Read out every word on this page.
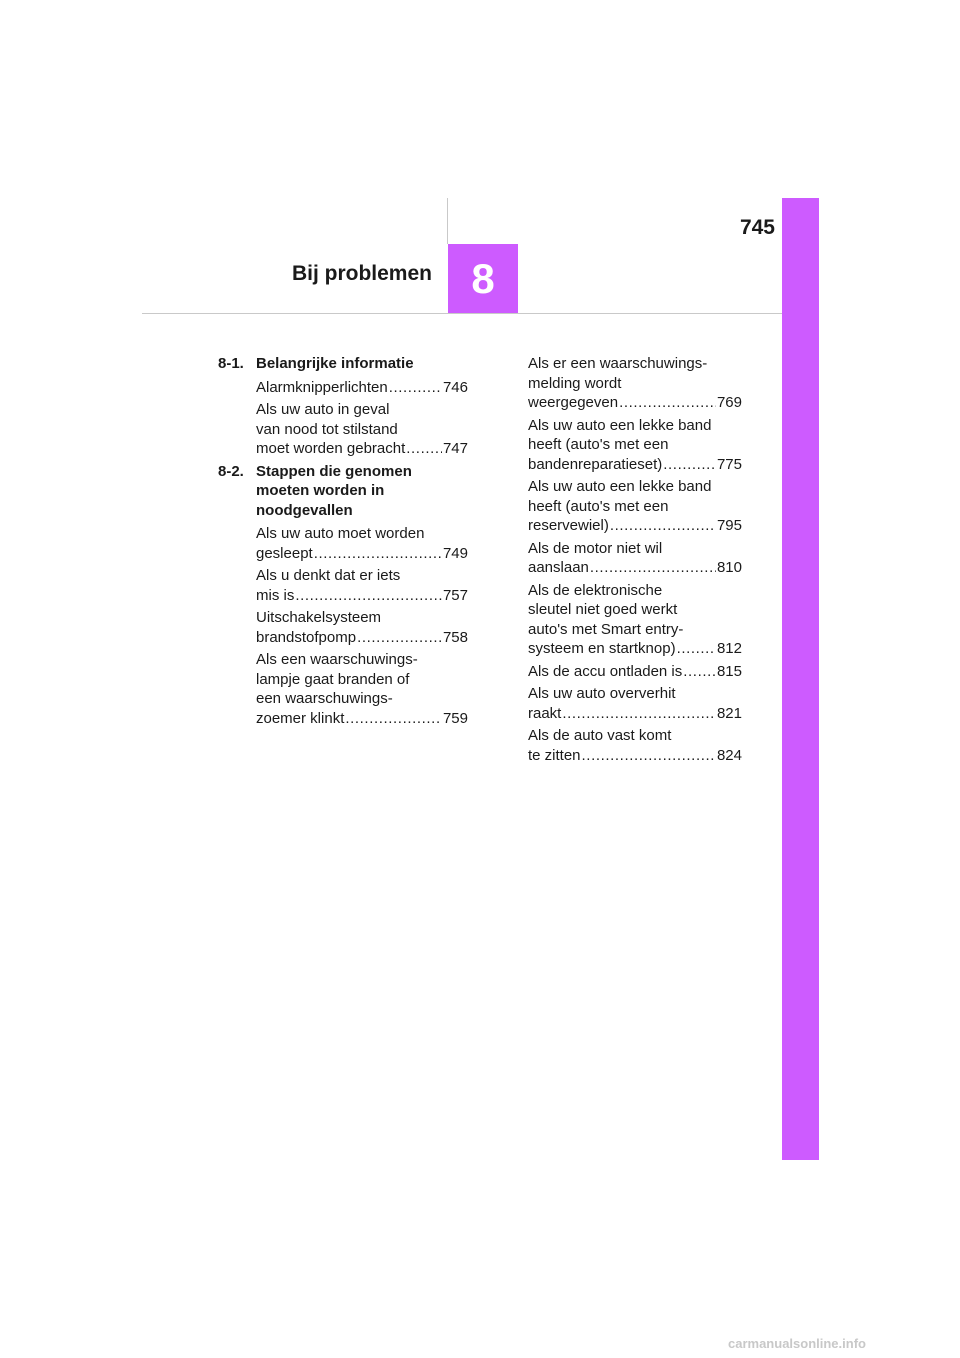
745
8
Bij problemen
8-1. Belangrijke informatie
Alarmknipperlichten .....	746
Als uw auto in geval
van nood tot stilstand
moet worden gebracht .....	747
8-2. Stappen die genomen
moeten worden in
noodgevallen
Als uw auto moet worden
gesleept .....	749
Als u denkt dat er iets
mis is .....	757
Uitschakelsysteem
brandstofpomp .....	758
Als een waarschuwings-
lampje gaat branden of
een waarschuwings-
zoemer klinkt .....	759
Als er een waarschuwings-
melding wordt
weergegeven .....	769
Als uw auto een lekke band
heeft (auto's met een
bandenreparatieset) .....	775
Als uw auto een lekke band
heeft (auto's met een
reservewiel) .....	795
Als de motor niet wil
aanslaan .....	810
Als de elektronische
sleutel niet goed werkt
auto's met Smart entry-
systeem en startknop) .....	812
Als de accu ontladen is ..... 815
Als uw auto oververhit
raakt .....	821
Als de auto vast komt
te zitten .....	824
carmanualsonline.info
